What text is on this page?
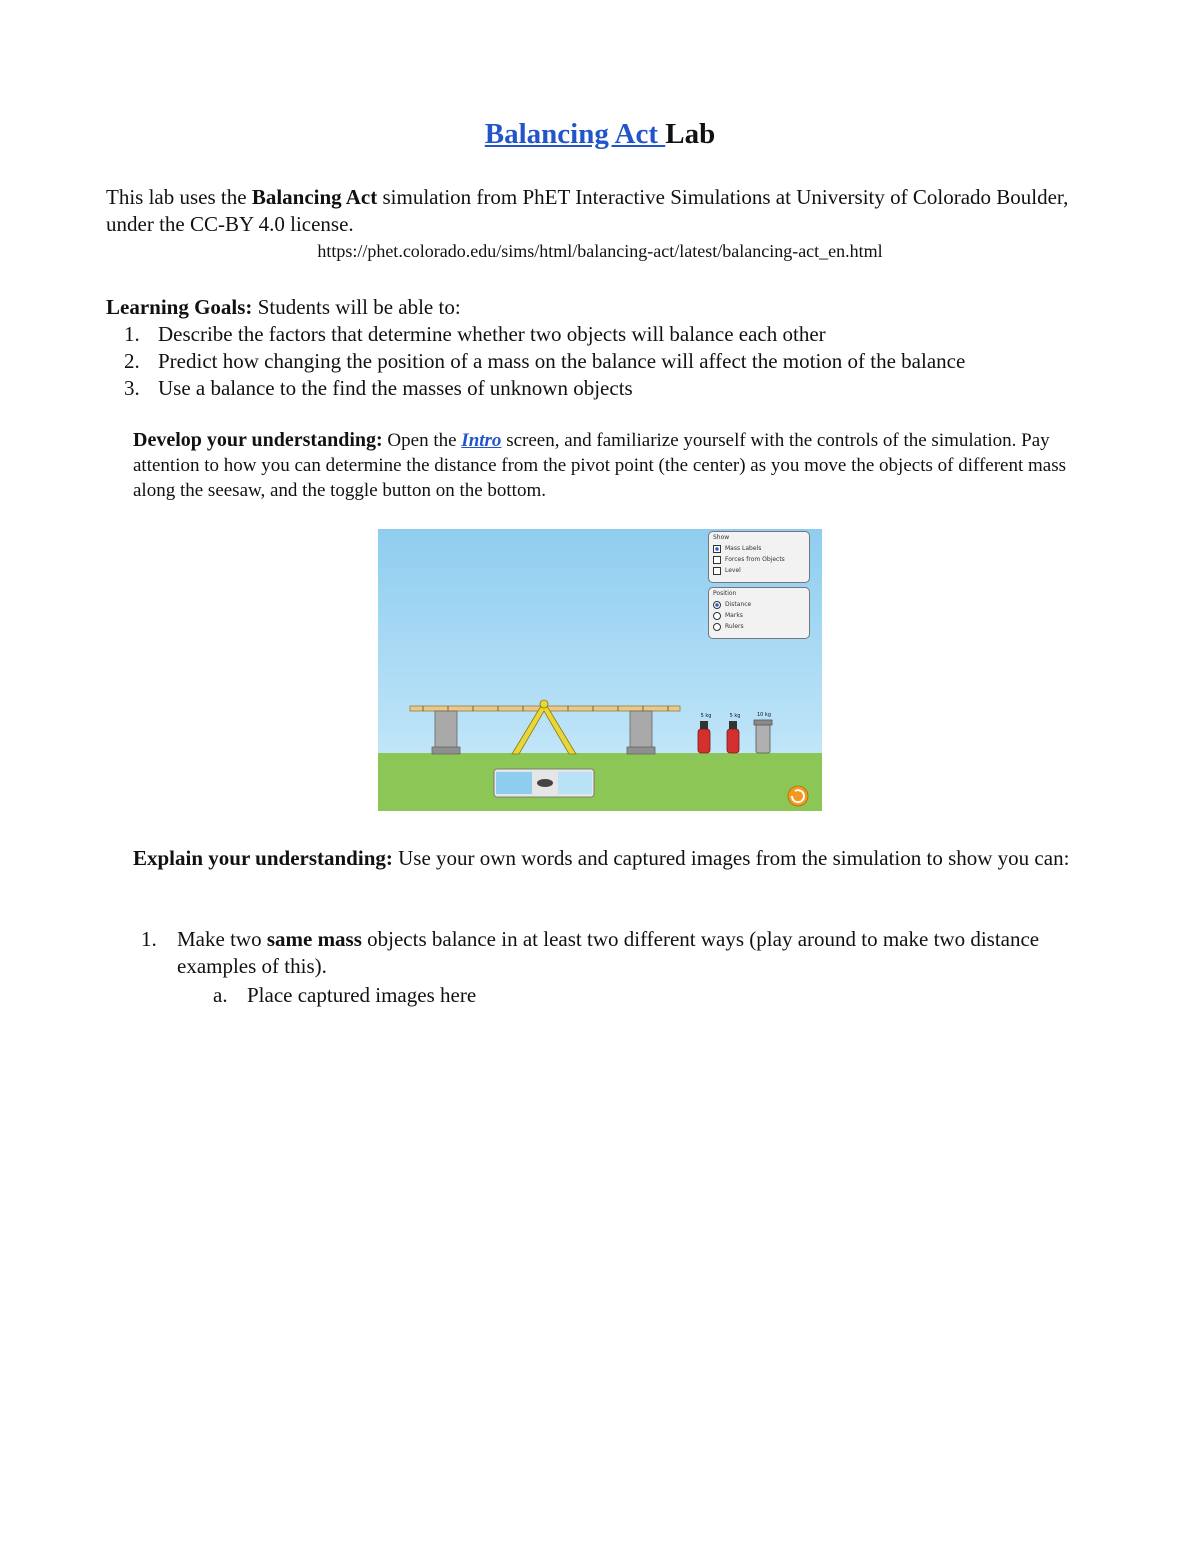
Balancing Act Lab
This lab uses the Balancing Act simulation from PhET Interactive Simulations at University of Colorado Boulder, under the CC-BY 4.0 license.
https://phet.colorado.edu/sims/html/balancing-act/latest/balancing-act_en.html
Learning Goals: Students will be able to:
1. Describe the factors that determine whether two objects will balance each other
2. Predict how changing the position of a mass on the balance will affect the motion of the balance
3. Use a balance to the find the masses of unknown objects
Develop your understanding: Open the Intro screen, and familiarize yourself with the controls of the simulation. Pay attention to how you can determine the distance from the pivot point (the center) as you move the objects of different mass along the seesaw, and the toggle button on the bottom.
Show
Mass Labels
Forces from Objects
Level
Position
Distance
Marks
Rulers
5 kg	5 kg	10 kg
Explain your understanding: Use your own words and captured images from the simulation to show you can:
1. Make two same mass objects balance in at least two different ways (play around to make two distance examples of this).
a. Place captured images here
